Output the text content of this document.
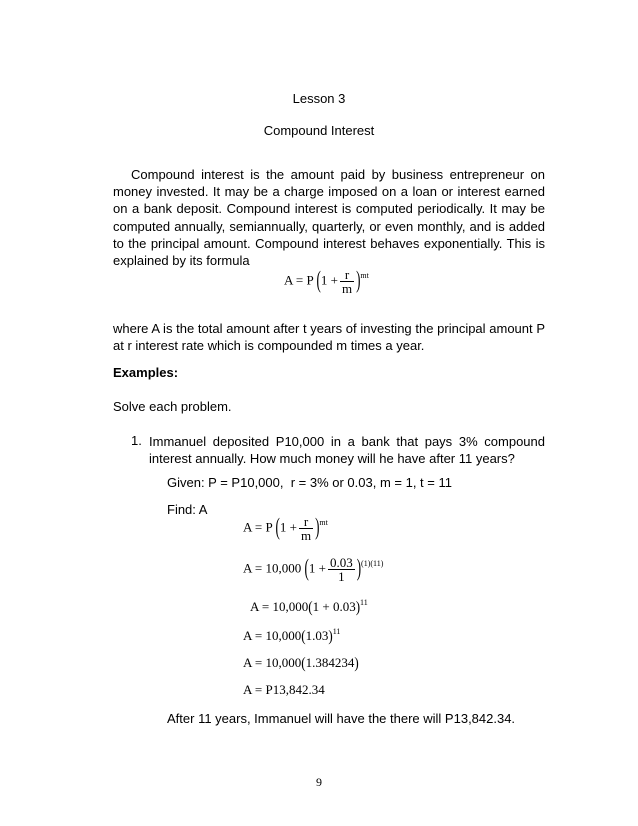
Lesson 3
Compound Interest

Compound interest is the amount paid by business entrepreneur on money invested. It may be a charge imposed on a loan or interest earned on a bank deposit. Compound interest is computed periodically. It may be computed annually, semiannually, quarterly, or even monthly, and is added to the principal amount. Compound interest behaves exponentially. This is explained by its formula

A = P $(1 + \frac{r}{m} )^{mt}$

where A is the total amount after t years of investing the principal amount P at r interest rate which is compounded m times a year.

Examples:
Solve each problem.
1. Immanuel deposited P10,000 in a bank that pays 3% compound interest annually. How much money will he have after 11 years?

Given: P = P10,000,  r = 3% or 0.03, m = 1, t = 11
Find: A
A = P $(1 + \frac{r}{m} )^{mt}$
A = 10,000 $(1 + \frac{0.03}{1} )^{(1)(11)}$
$A = 10,000(1 + 0.03)^{11}$
$A = 10,000(1.03)^{11}$
A = 10,000(1.384234)
A = P13,842.34
After 11 years, Immanuel will have the there will P13,842.34.
9
